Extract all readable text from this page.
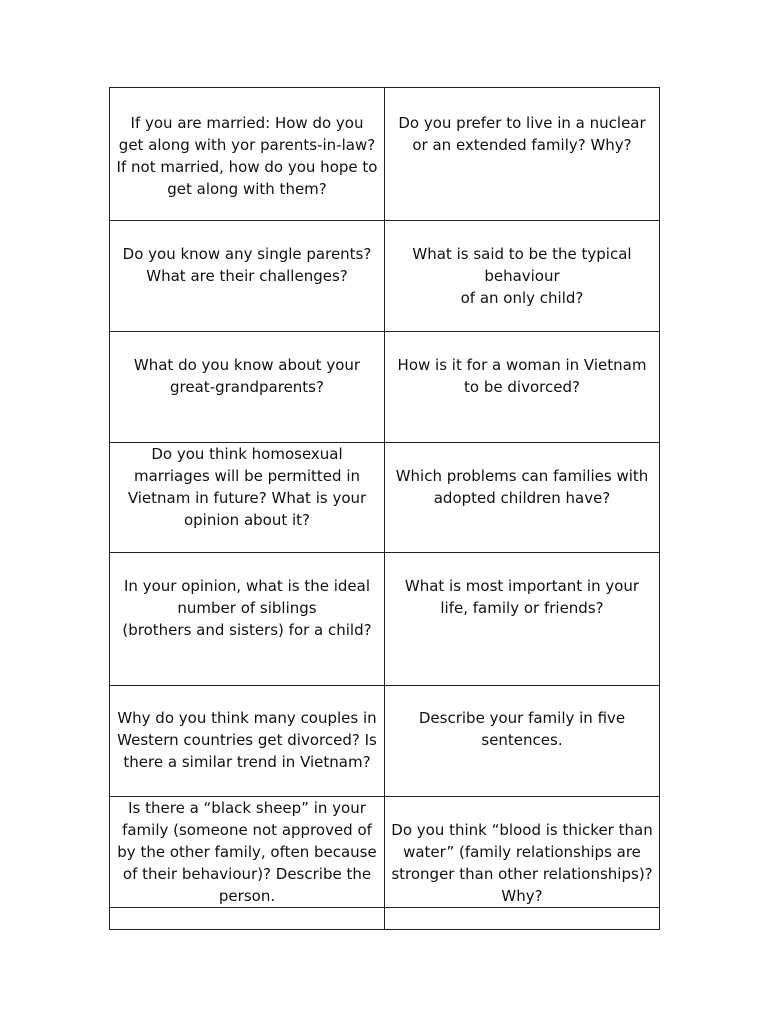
If you are married: How do you get along with yor parents-in-law?
If not married, how do you hope to get along with them?
Do you prefer to live in a nuclear or an extended family? Why?
Do you know any single parents? What are their challenges?
What is said to be the typical behaviour
of an only child?
What do you know about your great-grandparents?
How is it for a woman in Vietnam to be divorced?
Do you think homosexual marriages will be permitted in Vietnam in future? What is your opinion about it?
Which problems can families with adopted children have?
In your opinion, what is the ideal number of siblings
(brothers and sisters) for a child?
What is most important in your life, family or friends?
Why do you think many couples in Western countries get divorced? Is there a similar trend in Vietnam?
Describe your family in five sentences.
Is there a “black sheep” in your family (someone not approved of by the other family, often because of their behaviour)? Describe the person.
Do you think “blood is thicker than water” (family relationships are stronger than other relationships)? Why?
